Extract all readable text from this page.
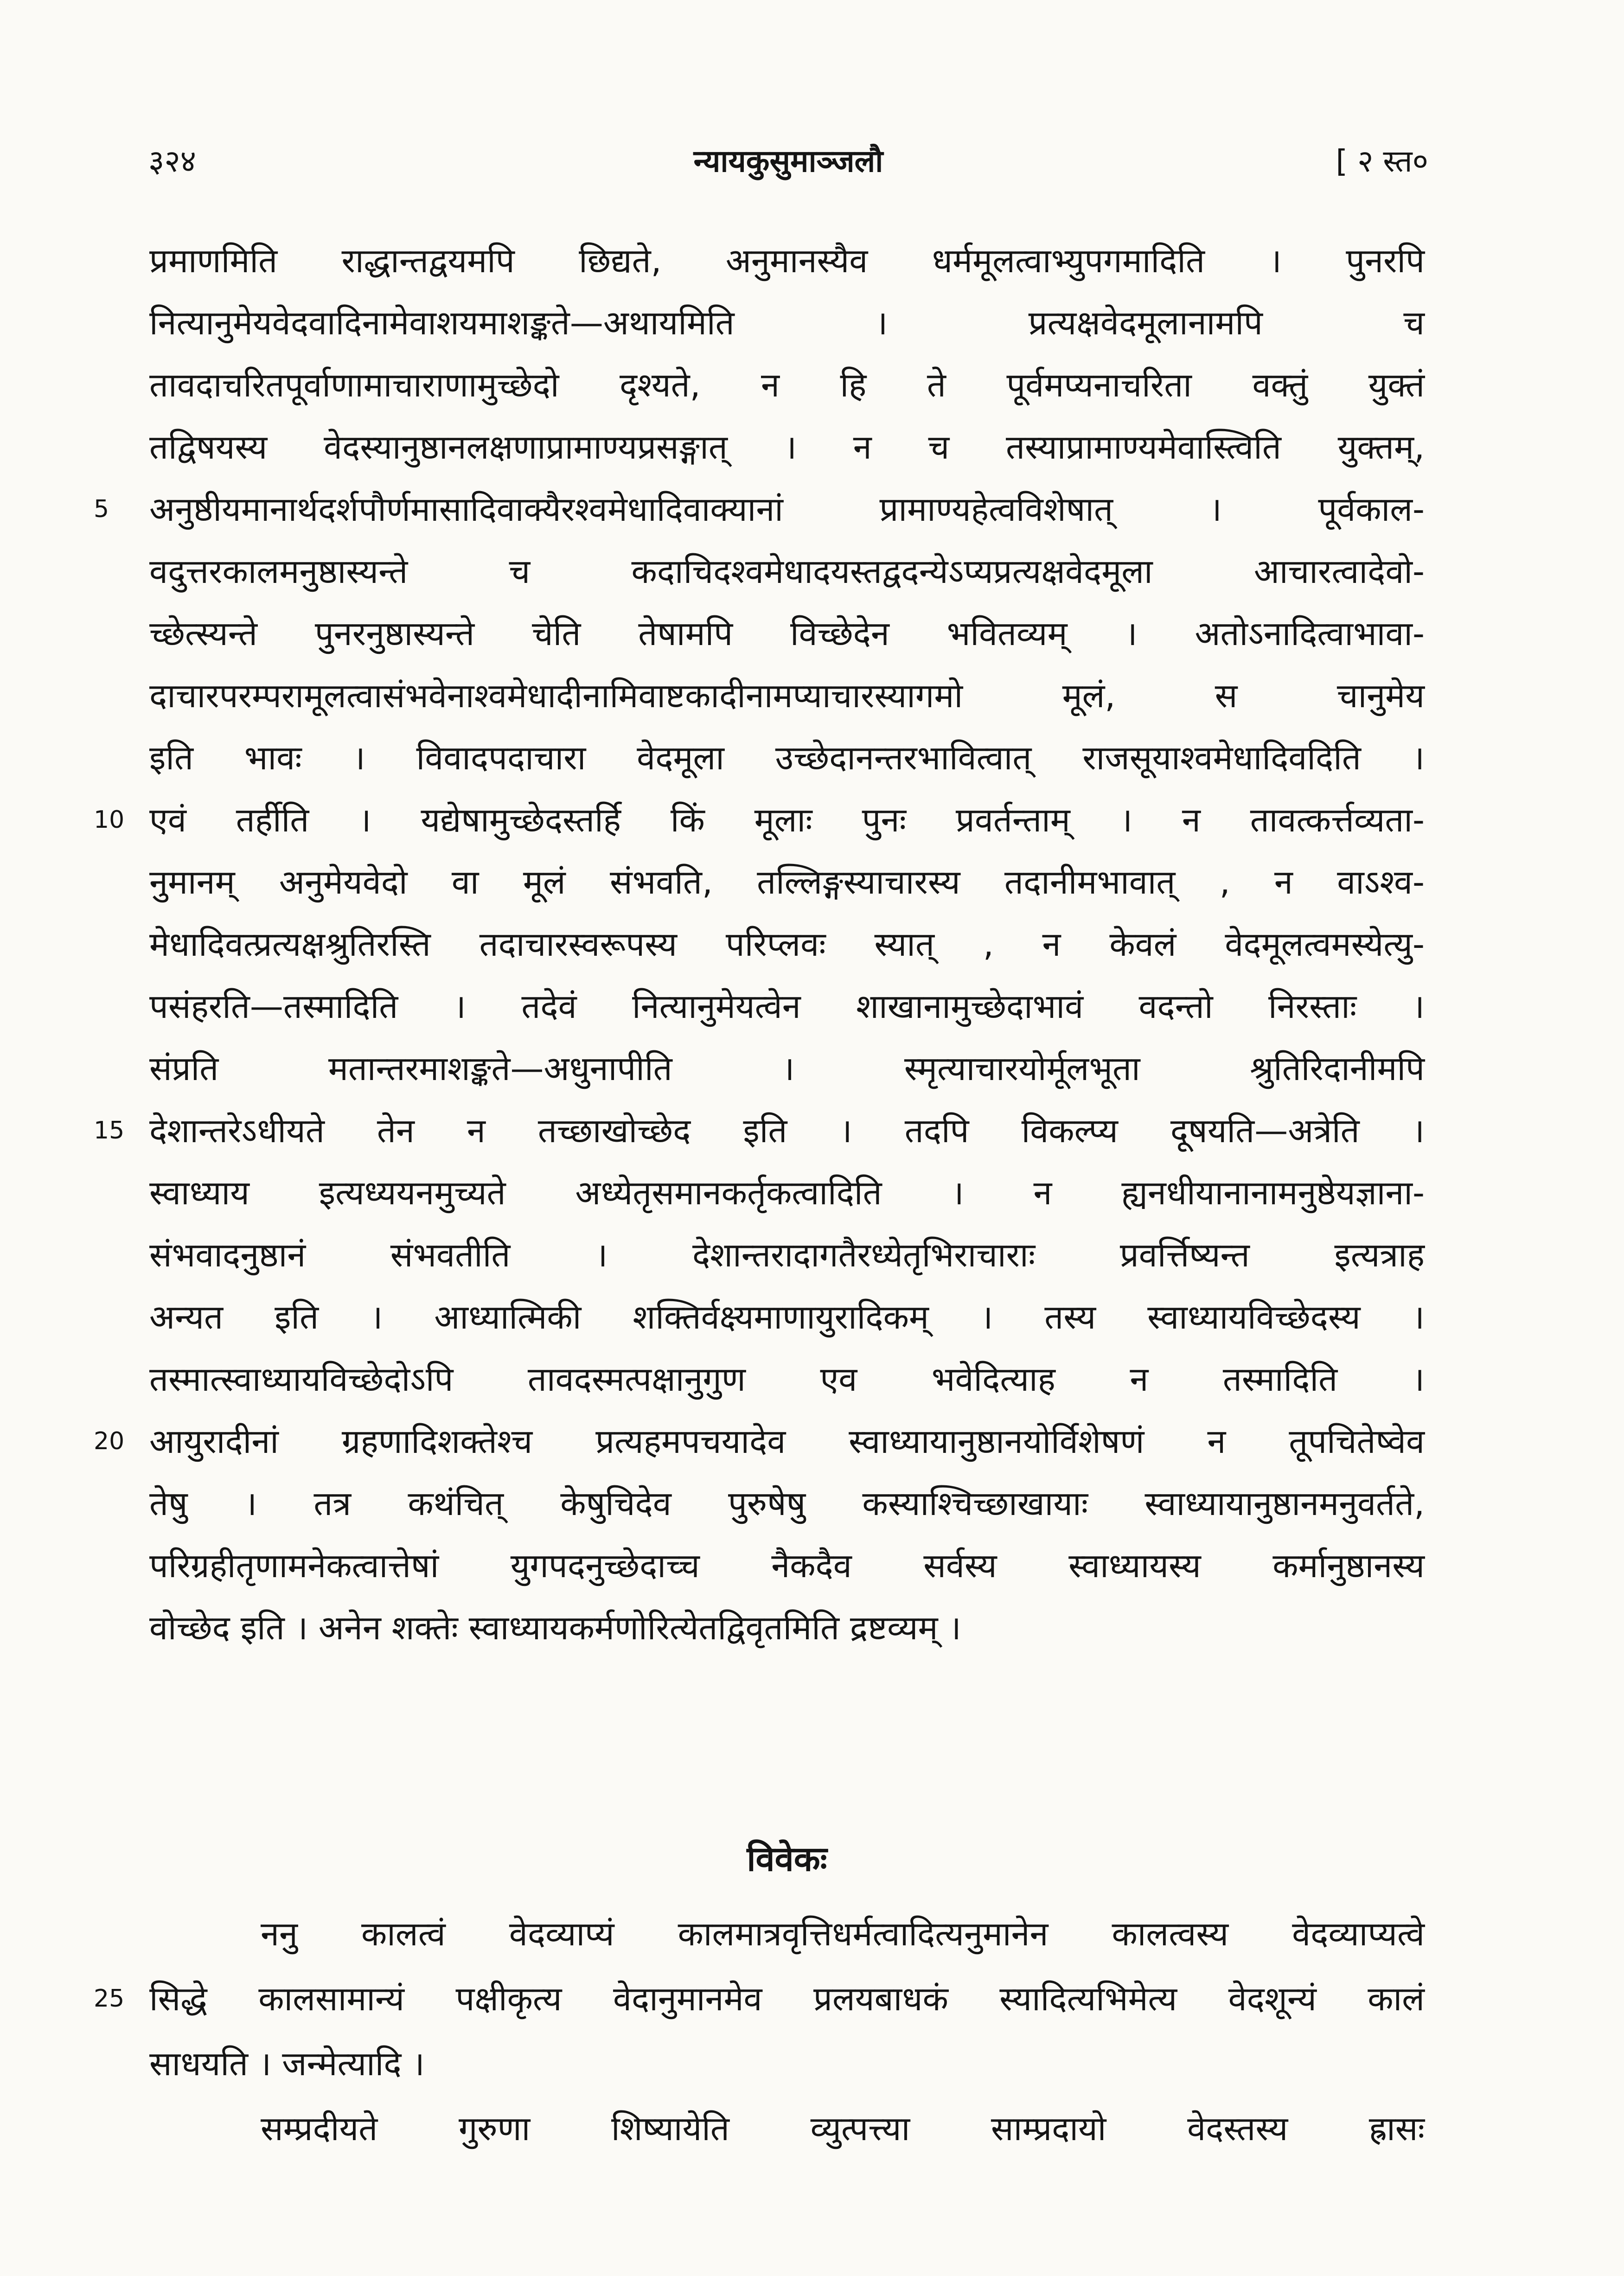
३२४	न्यायकुसुमाञ्जलौ	[ २ स्त०
प्रमाणमिति राद्धान्तद्वयमपि छिद्यते, अनुमानस्यैव धर्ममूलत्वाभ्युपगमादिति । पुनरपि
नित्यानुमेयवेदवादिनामेवाशयमाशङ्कते—अथायमिति । प्रत्यक्षवेदमूलानामपि च
तावदाचरितपूर्वाणामाचाराणामुच्छेदो दृश्यते, न हि ते पूर्वमप्यनाचरिता वक्तुं युक्तं
तद्विषयस्य वेदस्यानुष्ठानलक्षणाप्रामाण्यप्रसङ्गात् । न च तस्याप्रामाण्यमेवास्त्विति युक्तम्,
5	अनुष्ठीयमानार्थदर्शपौर्णमासादिवाक्यैरश्वमेधादिवाक्यानां प्रामाण्यहेत्वविशेषात् । पूर्वकाल-
वदुत्तरकालमनुष्ठास्यन्ते च कदाचिदश्वमेधादयस्तद्वदन्येऽप्यप्रत्यक्षवेदमूला आचारत्वादेवो-
च्छेत्स्यन्ते पुनरनुष्ठास्यन्ते चेति तेषामपि विच्छेदेन भवितव्यम् । अतोऽनादित्वाभावा-
दाचारपरम्परामूलत्वासंभवेनाश्वमेधादीनामिवाष्टकादीनामप्याचारस्यागमो मूलं, स चानुमेय
इति भावः । विवादपदाचारा वेदमूला उच्छेदानन्तरभावित्वात् राजसूयाश्वमेधादिवदिति ।
10 एवं तर्हीति । यद्येषामुच्छेदस्तर्हि किं मूलाः पुनः प्रवर्तन्ताम् । न तावत्कर्त्तव्यता-
नुमानम् अनुमेयवेदो वा मूलं संभवति, तल्लिङ्गस्याचारस्य तदानीमभावात् , न वाऽश्व-
मेधादिवत्प्रत्यक्षश्रुतिरस्ति तदाचारस्वरूपस्य परिप्लवः स्यात् , न केवलं वेदमूलत्वमस्येत्यु-
पसंहरति—तस्मादिति । तदेवं नित्यानुमेयत्वेन शाखानामुच्छेदाभावं वदन्तो निरस्ताः ।
संप्रति मतान्तरमाशङ्कते—अधुनापीति । स्मृत्याचारयोर्मूलभूता श्रुतिरिदानीमपि
15 देशान्तरेऽधीयते तेन न तच्छाखोच्छेद इति । तदपि विकल्प्य दूषयति—अत्रेति ।
स्वाध्याय इत्यध्ययनमुच्यते अध्येतृसमानकर्तृकत्वादिति । न ह्यनधीयानानामनुष्ठेयज्ञाना-
संभवादनुष्ठानं संभवतीति । देशान्तरादागतैरध्येतृभिराचाराः प्रवर्त्तिष्यन्त इत्यत्राह
अन्यत इति । आध्यात्मिकी शक्तिर्वक्ष्यमाणायुरादिकम् । तस्य स्वाध्यायविच्छेदस्य ।
तस्मात्स्वाध्यायविच्छेदोऽपि तावदस्मत्पक्षानुगुण एव भवेदित्याह न तस्मादिति ।
20 आयुरादीनां ग्रहणादिशक्तेश्च प्रत्यहमपचयादेव स्वाध्यायानुष्ठानयोर्विशेषणं न तूपचितेष्वेव
तेषु । तत्र कथंचित् केषुचिदेव पुरुषेषु कस्याश्चिच्छाखायाः स्वाध्यायानुष्ठानमनुवर्तते,
परिग्रहीतृणामनेकत्वात्तेषां युगपदनुच्छेदाच्च नैकदैव सर्वस्य स्वाध्यायस्य कर्मानुष्ठानस्य
वोच्छेद इति । अनेन शक्तेः स्वाध्यायकर्मणोरित्येतद्विवृतमिति द्रष्टव्यम् ।
विवेकः
ननु कालत्वं वेदव्याप्यं कालमात्रवृत्तिधर्मत्वादित्यनुमानेन कालत्वस्य वेदव्याप्यत्वे
25 सिद्धे कालसामान्यं पक्षीकृत्य वेदानुमानमेव प्रलयबाधकं स्यादित्यभिमेत्य वेदशून्यं कालं
साधयति । जन्मेत्यादि ।
सम्प्रदीयते गुरुणा शिष्यायेति व्युत्पत्त्या साम्प्रदायो वेदस्तस्य ह्रासः
